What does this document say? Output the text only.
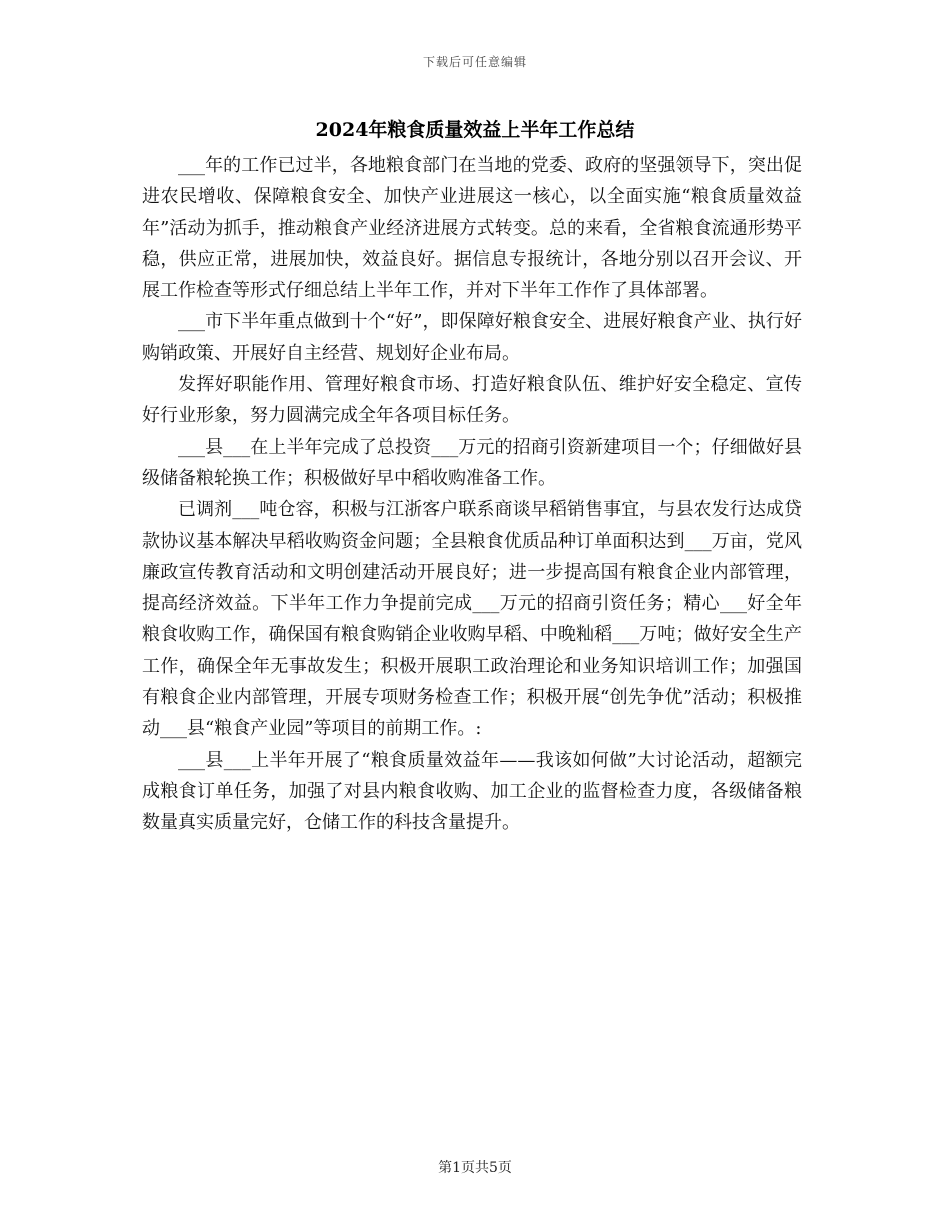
下载后可任意编辑
2024年粮食质量效益上半年工作总结

___年的工作已过半，各地粮食部门在当地的党委、政府的坚强领导下，突出促进农民增收、保障粮食安全、加快产业进展这一核心，以全面实施“粮食质量效益年”活动为抓手，推动粮食产业经济进展方式转变。总的来看，全省粮食流通形势平稳，供应正常，进展加快，效益良好。据信息专报统计，各地分别以召开会议、开展工作检查等形式仔细总结上半年工作，并对下半年工作作了具体部署。

___市下半年重点做到十个“好”，即保障好粮食安全、进展好粮食产业、执行好购销政策、开展好自主经营、规划好企业布局。

发挥好职能作用、管理好粮食市场、打造好粮食队伍、维护好安全稳定、宣传好行业形象，努力圆满完成全年各项目标任务。

___县___在上半年完成了总投资___万元的招商引资新建项目一个；仔细做好县级储备粮轮换工作；积极做好早中稻收购准备工作。

已调剂___吨仓容，积极与江浙客户联系商谈早稻销售事宜，与县农发行达成贷款协议基本解决早稻收购资金问题；全县粮食优质品种订单面积达到___万亩，党风廉政宣传教育活动和文明创建活动开展良好；进一步提高国有粮食企业内部管理，提高经济效益。下半年工作力争提前完成___万元的招商引资任务；精心___好全年粮食收购工作，确保国有粮食购销企业收购早稻、中晚籼稻___万吨；做好安全生产工作，确保全年无事故发生；积极开展职工政治理论和业务知识培训工作；加强国有粮食企业内部管理，开展专项财务检查工作；积极开展“创先争优”活动；积极推动___县“粮食产业园”等项目的前期工作。:

___县___上半年开展了“粮食质量效益年——我该如何做”大讨论活动，超额完成粮食订单任务，加强了对县内粮食收购、加工企业的监督检查力度，各级储备粮数量真实质量完好，仓储工作的科技含量提升。

第1页共5页
